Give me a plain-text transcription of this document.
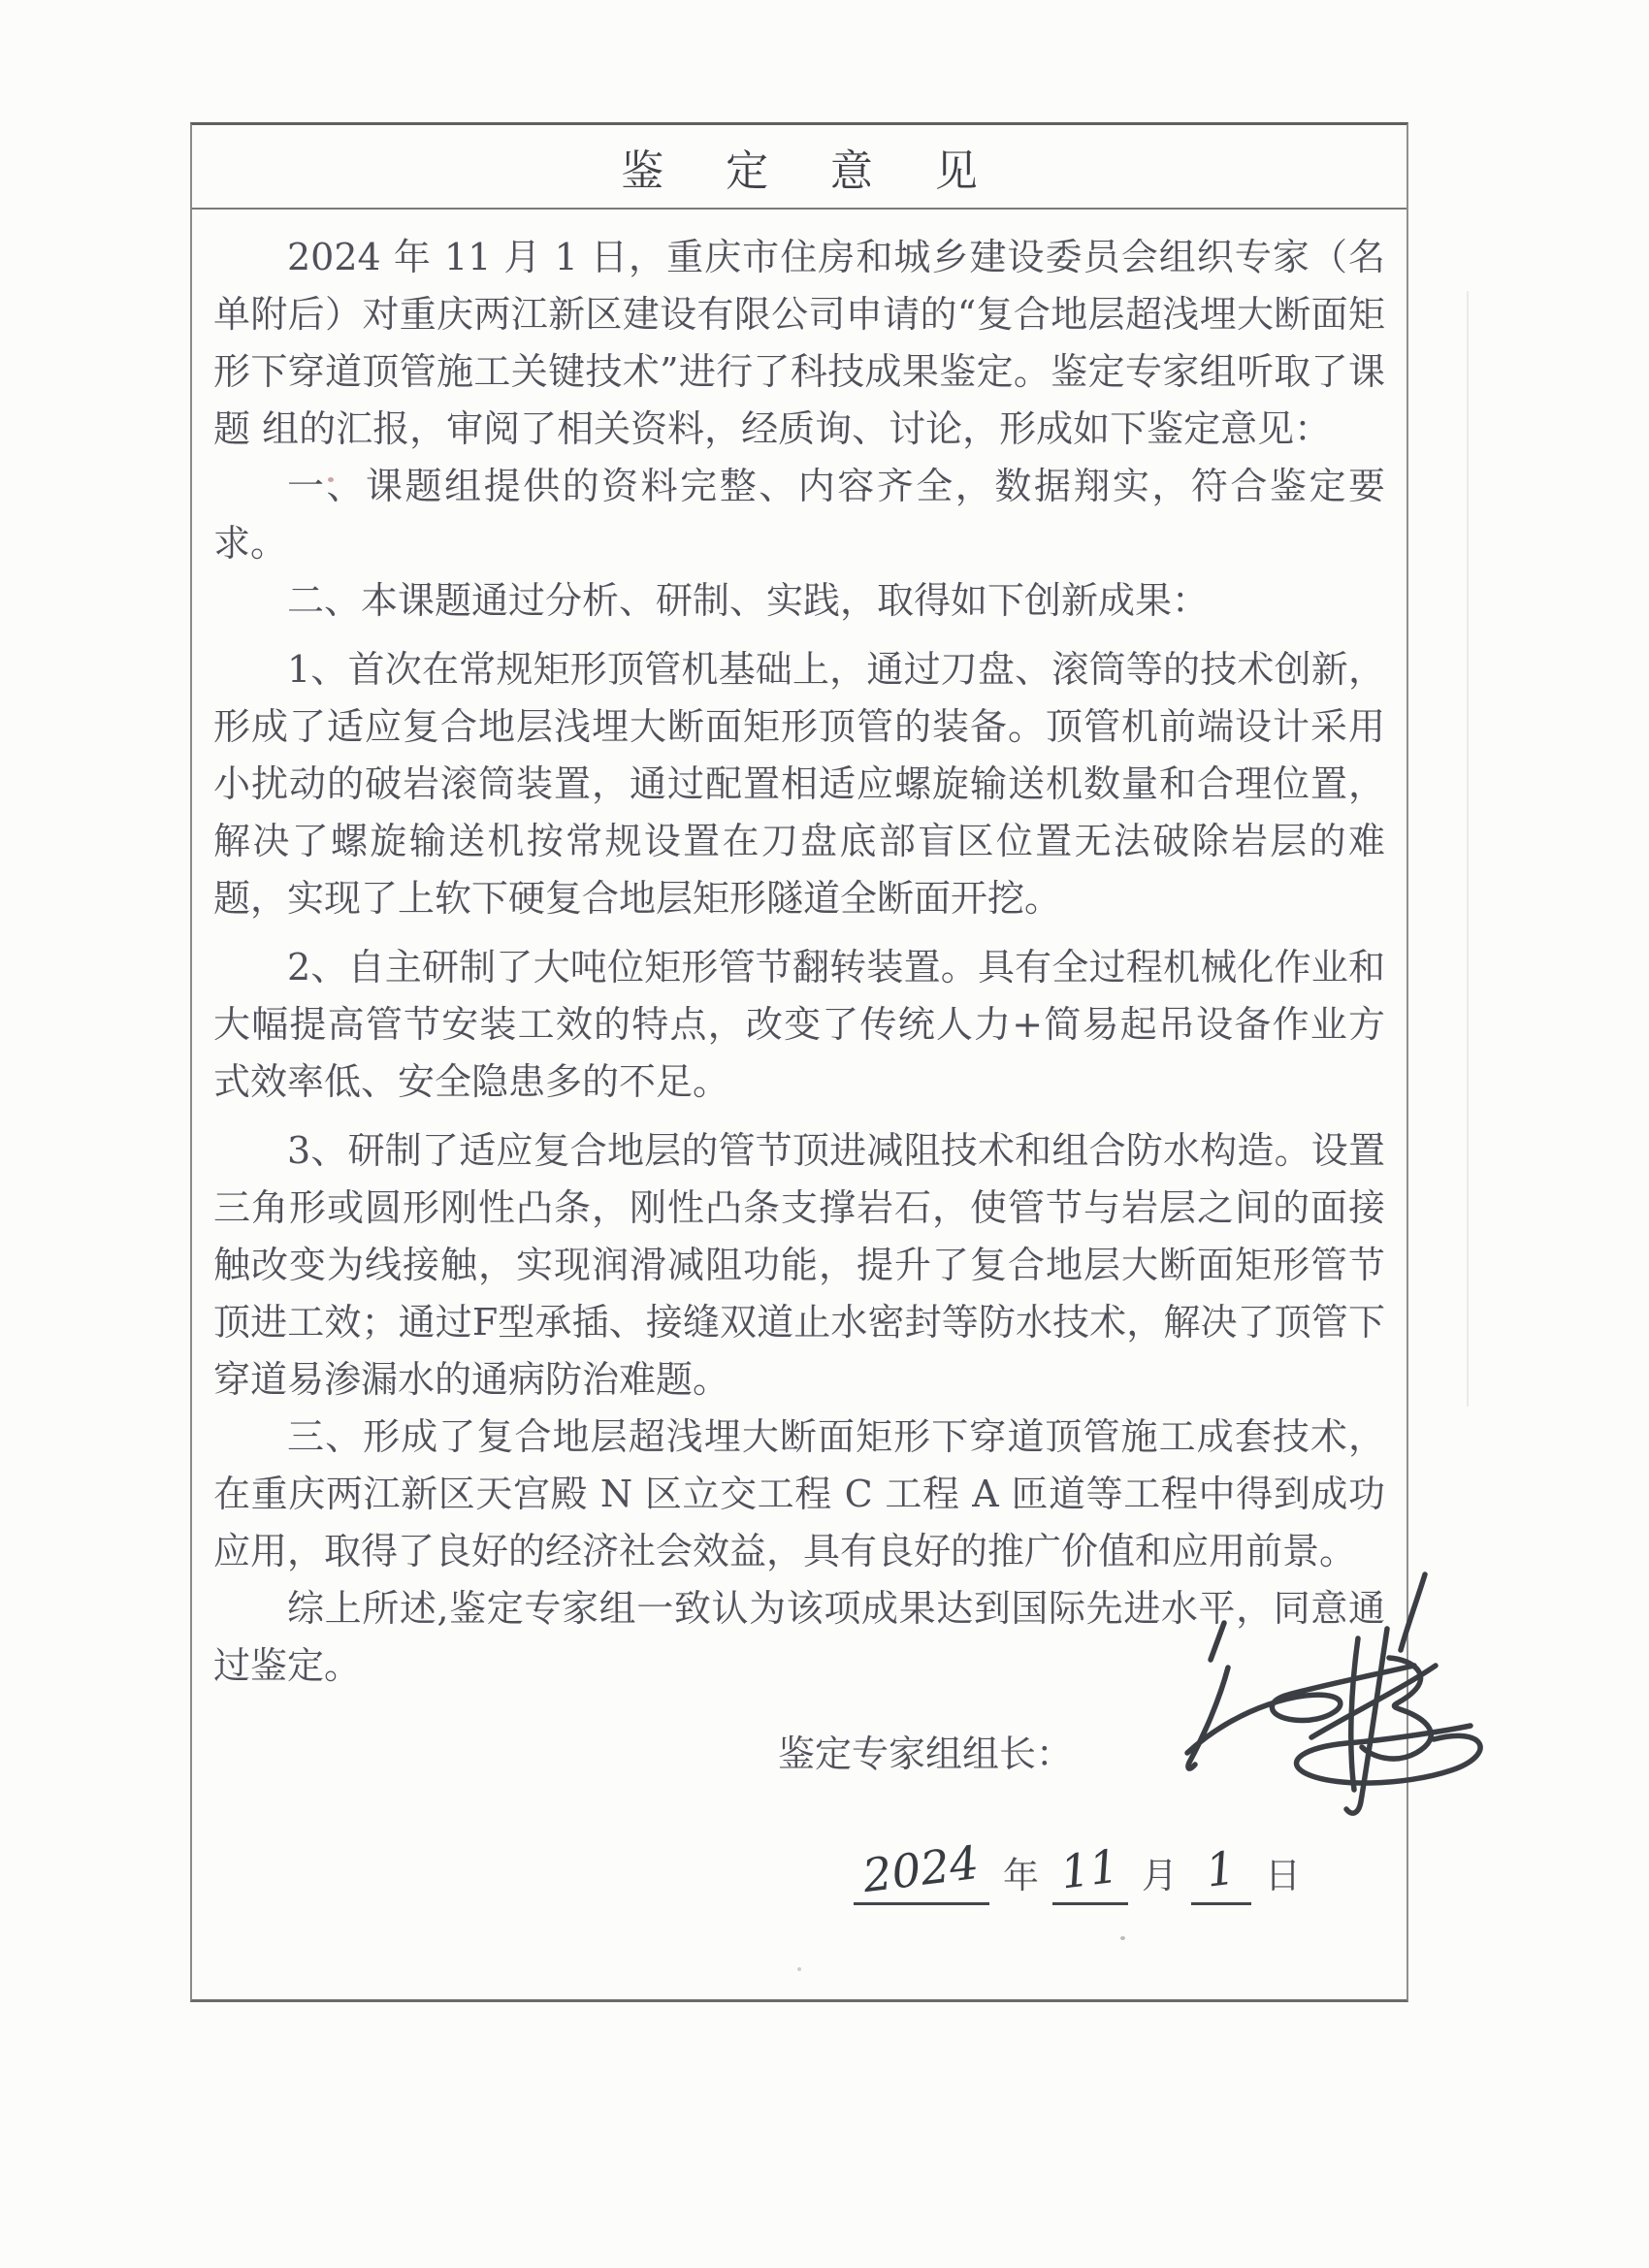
鉴定意见

2024 年 11 月 1 日，重庆市住房和城乡建设委员会组织专家（名单附后）对重庆两江新区建设有限公司申请的“复合地层超浅埋大断面矩形下穿道顶管施工关键技术”进行了科技成果鉴定。鉴定专家组听取了课题 组的汇报，审阅了相关资料，经质询、讨论，形成如下鉴定意见：

一、课题组提供的资料完整、内容齐全，数据翔实，符合鉴定要求。

二、本课题通过分析、研制、实践，取得如下创新成果：

1、首次在常规矩形顶管机基础上，通过刀盘、滚筒等的技术创新，形成了适应复合地层浅埋大断面矩形顶管的装备。顶管机前端设计采用小扰动的破岩滚筒装置，通过配置相适应螺旋输送机数量和合理位置，解决了螺旋输送机按常规设置在刀盘底部盲区位置无法破除岩层的难题，实现了上软下硬复合地层矩形隧道全断面开挖。

2、自主研制了大吨位矩形管节翻转装置。具有全过程机械化作业和大幅提高管节安装工效的特点，改变了传统人力+简易起吊设备作业方式效率低、安全隐患多的不足。

3、研制了适应复合地层的管节顶进减阻技术和组合防水构造。设置三角形或圆形刚性凸条，刚性凸条支撑岩石，使管节与岩层之间的面接触改变为线接触，实现润滑减阻功能，提升了复合地层大断面矩形管节顶进工效；通过F型承插、接缝双道止水密封等防水技术，解决了顶管下穿道易渗漏水的通病防治难题。

三、形成了复合地层超浅埋大断面矩形下穿道顶管施工成套技术，在重庆两江新区天宫殿 N 区立交工程 C 工程 A 匝道等工程中得到成功应用，取得了良好的经济社会效益，具有良好的推广价值和应用前景。

综上所述,鉴定专家组一致认为该项成果达到国际先进水平，同意通过鉴定。

鉴定专家组组长：
2024 年 11 月 1 日
